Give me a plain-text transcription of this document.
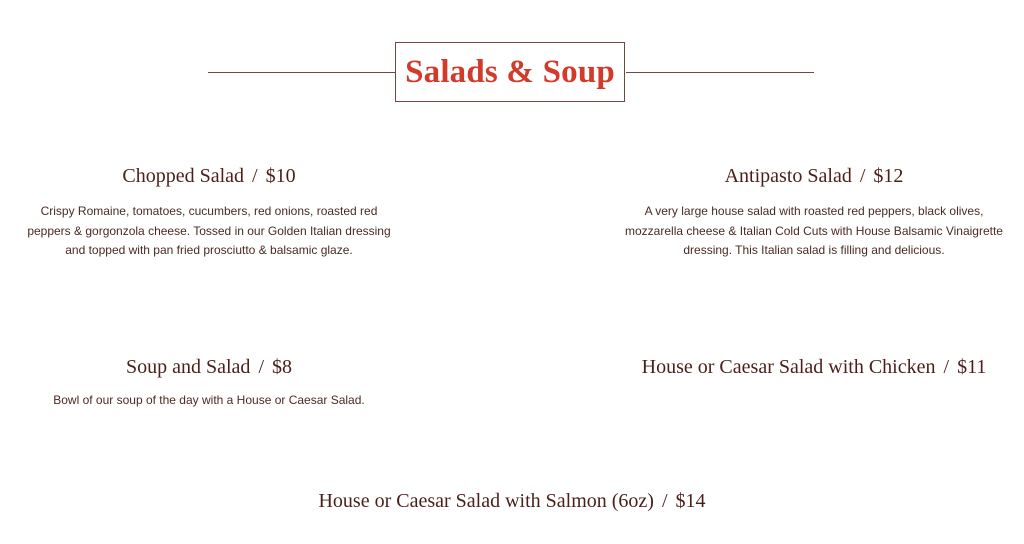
Salads & Soup

Chopped Salad / $10

Crispy Romaine, tomatoes, cucumbers, red onions, roasted red peppers & gorgonzola cheese. Tossed in our Golden Italian dressing and topped with pan fried prosciutto & balsamic glaze.

Antipasto Salad / $12

A very large house salad with roasted red peppers, black olives, mozzarella cheese & Italian Cold Cuts with House Balsamic Vinaigrette dressing. This Italian salad is filling and delicious.

Soup and Salad / $8

Bowl of our soup of the day with a House or Caesar Salad.

House or Caesar Salad with Chicken / $11

House or Caesar Salad with Salmon (6oz) / $14
